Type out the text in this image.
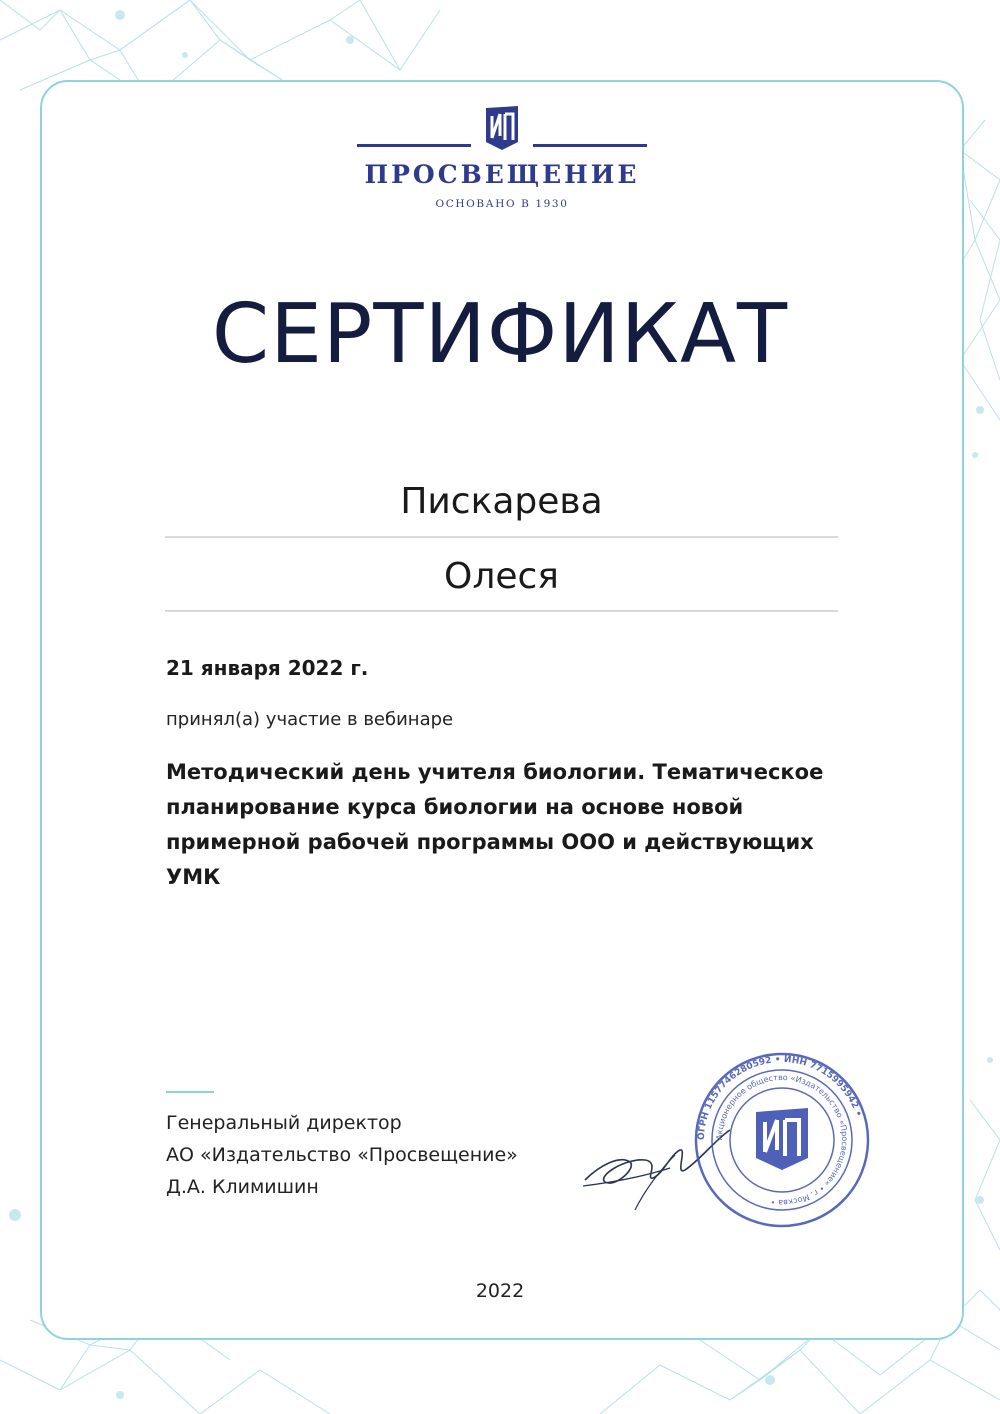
ПРОСВЕЩЕНИЕ
ОСНОВАНО В 1930
СЕРТИФИКАТ
Пискарева
Олеся
21 января 2022 г.
принял(а) участие в вебинаре
Методический день учителя биологии. Тематическое планирование курса биологии на основе новой примерной рабочей программы ООО и действующих УМК
Генеральный директор
АО «Издательство «Просвещение»
Д.А. Климишин
ОГРН 1157746280592 • ИНН 7715995942 •
Акционерное общество «Издательство «Просвещение» • г. Москва •
2022
